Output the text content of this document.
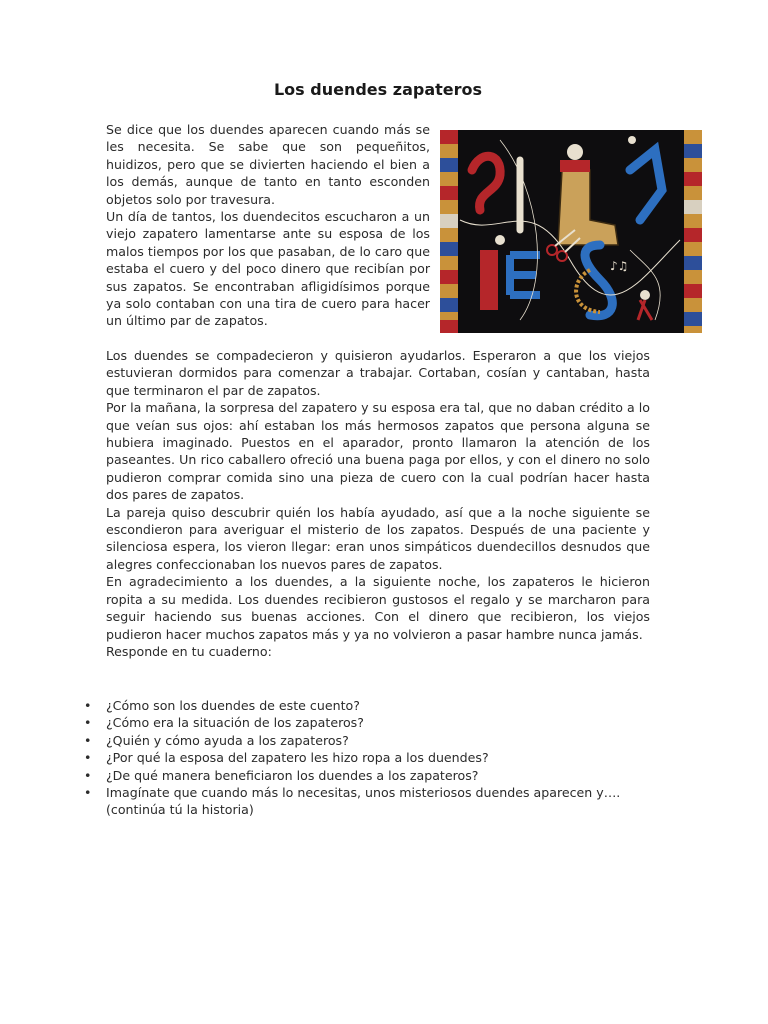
Los duendes zapateros

Se dice que los duendes aparecen cuando más se les necesita. Se sabe que son pequeñitos, huidizos, pero que se divierten haciendo el bien a los demás, aunque de tanto en tanto esconden objetos solo por travesura.
Un día de tantos, los duendecitos escucharon a un viejo zapatero lamentarse ante su esposa de los malos tiempos por los que pasaban, de lo caro que estaba el cuero y del poco dinero que recibían por sus zapatos. Se encontraban afligidísimos porque ya solo contaban con una tira de cuero para hacer un último par de zapatos.

♪♫

Los duendes se compadecieron y quisieron ayudarlos. Esperaron a que los viejos estuvieran dormidos para comenzar a trabajar. Cortaban, cosían y cantaban, hasta que terminaron el par de zapatos.

Por la mañana, la sorpresa del zapatero y su esposa era tal, que no daban crédito a lo que veían sus ojos: ahí estaban los más hermosos zapatos que persona alguna se hubiera imaginado. Puestos en el aparador, pronto llamaron la atención de los paseantes. Un rico caballero ofreció una buena paga por ellos, y con el dinero no solo pudieron comprar comida sino una pieza de cuero con la cual podrían hacer hasta dos pares de zapatos.

La pareja quiso descubrir quién los había ayudado, así que a la noche siguiente se escondieron para averiguar el misterio de los zapatos. Después de una paciente y silenciosa espera, los vieron llegar: eran unos simpáticos duendecillos desnudos que alegres confeccionaban los nuevos pares de zapatos.

En agradecimiento a los duendes, a la siguiente noche, los zapateros le hicieron ropita a su medida. Los duendes recibieron gustosos el regalo y se marcharon para seguir haciendo sus buenas acciones. Con el dinero que recibieron, los viejos pudieron hacer muchos zapatos más y ya no volvieron a pasar hambre nunca jamás.

Responde en tu cuaderno:

•	¿Cómo son los duendes de este cuento?
•	¿Cómo era la situación de los zapateros?
•	¿Quién y cómo ayuda a los zapateros?
•	¿Por qué la esposa del zapatero les hizo ropa a los duendes?
•	¿De qué manera beneficiaron los duendes a los zapateros?
•	Imagínate que cuando más lo necesitas, unos misteriosos duendes aparecen y…. (continúa tú la historia)
